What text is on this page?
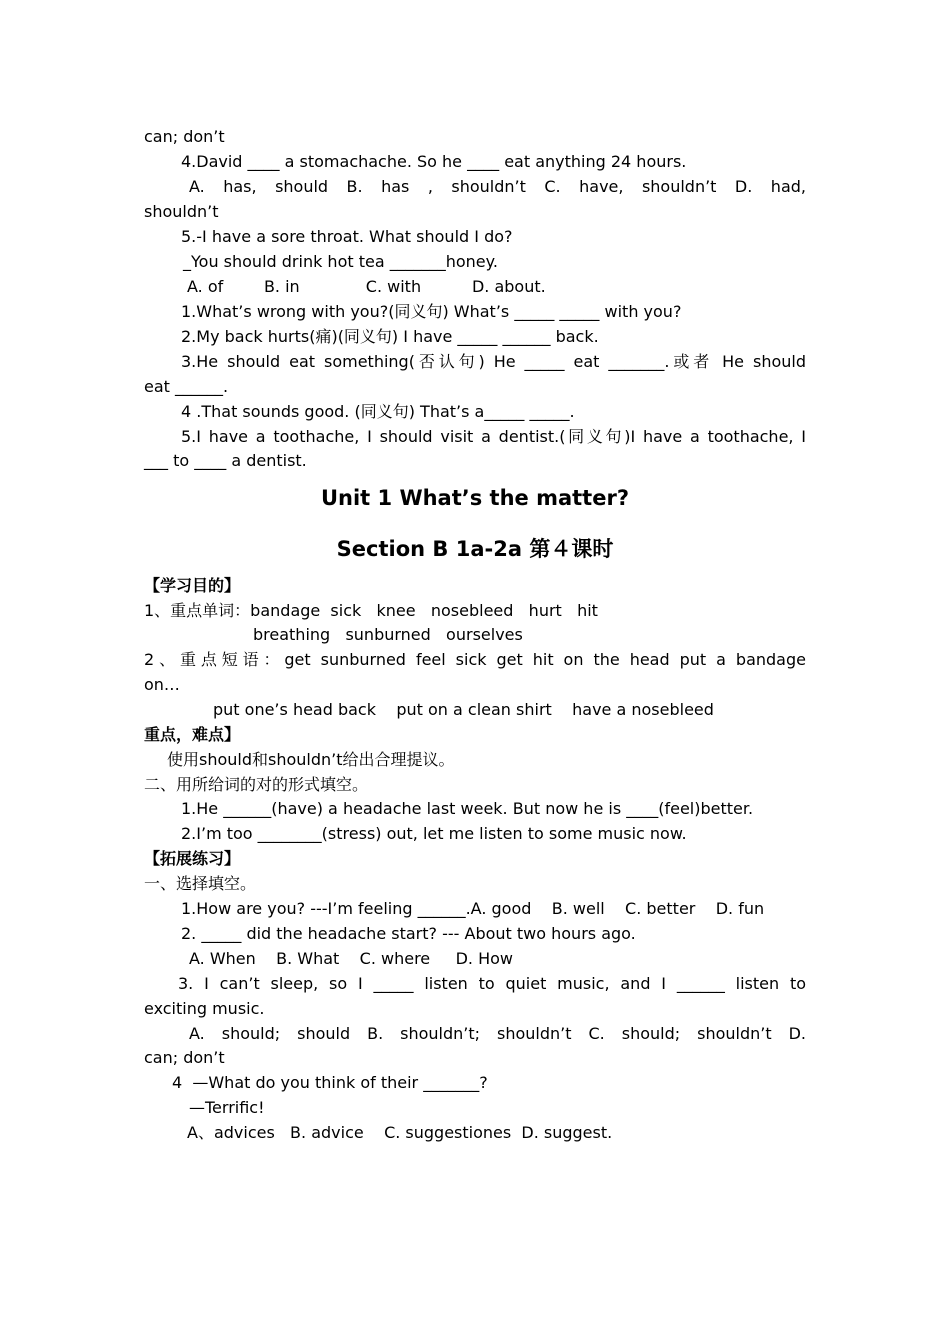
can; don’t
4.David ____ a stomachache. So he ____ eat anything 24 hours.
A. has, should B. has , shouldn’t C. have, shouldn’t D. had,
shouldn’t
5.-I have a sore throat. What should I do?
_You should drink hot tea _______honey.
A. of        B. in             C. with          D. about.
1.What’s wrong with you?(同义句) What’s _____ _____ with you?
2.My back hurts(痛)(同义句) I have _____ ______ back.
3.He should eat something(否认句) He _____ eat _______.或者 He should
eat ______.
4 .That sounds good. (同义句) That’s a_____ _____.
5.I have a toothache, I should visit a dentist.(同义句)I have a toothache, I
___ to ____ a dentist.
Unit 1 What’s the matter?
Section B 1a-2a 第４课时
【学习目的】
1、重点单词：bandage  sick   knee   nosebleed   hurt   hit
breathing   sunburned   ourselves
2、重点短语：get sunburned feel sick get hit on the head put a bandage
on…
put one’s head back    put on a clean shirt    have a nosebleed
重点，难点】
使用should和shouldn’t给出合理提议。
二、用所给词的对的形式填空。
1.He ______(have) a headache last week. But now he is ____(feel)better.
2.I’m too ________(stress) out, let me listen to some music now.
【拓展练习】
一、选择填空。
1.How are you? ---I’m feeling ______.A. good    B. well    C. better    D. fun
2. _____ did the headache start? --- About two hours ago.
A. When    B. What    C. where     D. How
3. I can’t sleep, so I _____ listen to quiet music, and I ______ listen to
exciting music.
A. should; should B. shouldn’t; shouldn’t C. should; shouldn’t D.
can; don’t
4  —What do you think of their _______?
—Terrific!
A、advices   B. advice    C. suggestiones  D. suggest.
